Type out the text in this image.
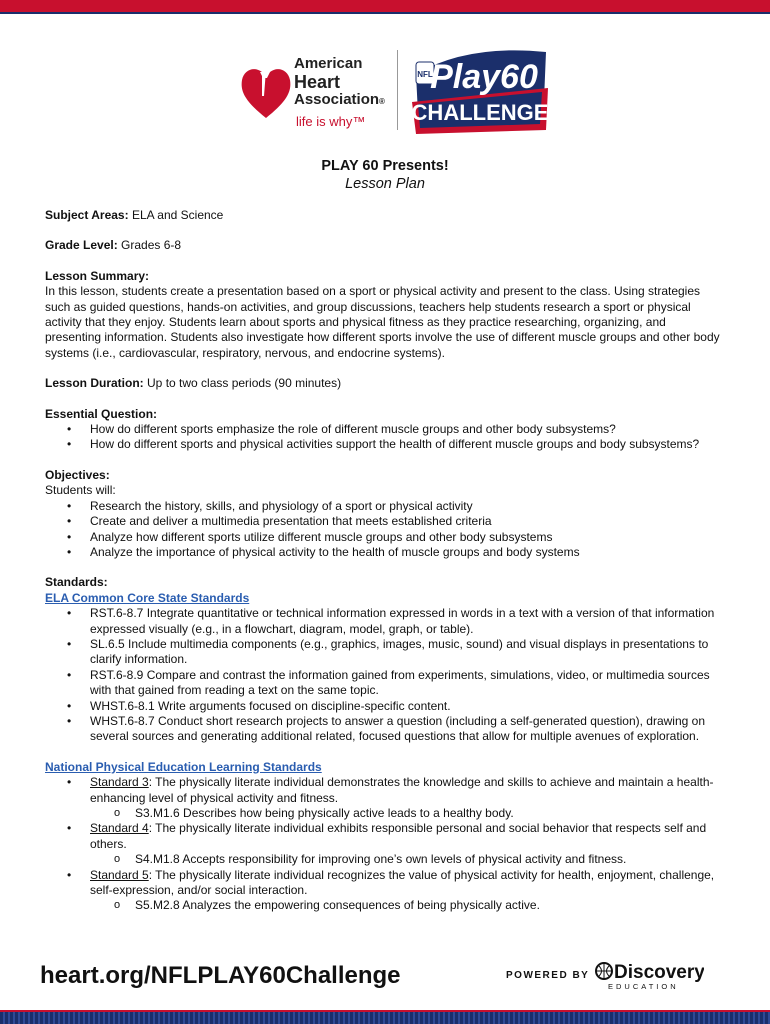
American
Heart
Association®
life is why™
NFL
Play60
CHALLENGE
PLAY 60 Presents!
Lesson Plan

Subject Areas: ELA and Science

Grade Level: Grades 6-8

Lesson Summary:

In this lesson, students create a presentation based on a sport or physical activity and present to the class. Using strategies such as guided questions, hands-on activities, and group discussions, teachers help students research a sport or physical activity that they enjoy. Students learn about sports and physical fitness as they practice researching, organizing, and presenting information. Students also investigate how different sports involve the use of different muscle groups and other body systems (i.e., cardiovascular, respiratory, nervous, and endocrine systems).

Lesson Duration: Up to two class periods (90 minutes)

Essential Question:

• How do different sports emphasize the role of different muscle groups and other body subsystems?
• How do different sports and physical activities support the health of different muscle groups and body subsystems?

Objectives:

Students will:

• Research the history, skills, and physiology of a sport or physical activity
• Create and deliver a multimedia presentation that meets established criteria
• Analyze how different sports utilize different muscle groups and other body subsystems
• Analyze the importance of physical activity to the health of muscle groups and body systems

Standards:

ELA Common Core State Standards

• RST.6-8.7 Integrate quantitative or technical information expressed in words in a text with a version of that information expressed visually (e.g., in a flowchart, diagram, model, graph, or table).
• SL.6.5 Include multimedia components (e.g., graphics, images, music, sound) and visual displays in presentations to clarify information.
• RST.6-8.9 Compare and contrast the information gained from experiments, simulations, video, or multimedia sources with that gained from reading a text on the same topic.
• WHST.6-8.1 Write arguments focused on discipline-specific content.
• WHST.6-8.7 Conduct short research projects to answer a question (including a self-generated question), drawing on several sources and generating additional related, focused questions that allow for multiple avenues of exploration.

National Physical Education Learning Standards

• Standard 3: The physically literate individual demonstrates the knowledge and skills to achieve and maintain a health-enhancing level of physical activity and fitness.
o S3.M1.6 Describes how being physically active leads to a healthy body.
• Standard 4: The physically literate individual exhibits responsible personal and social behavior that respects self and others.
o S4.M1.8 Accepts responsibility for improving one’s own levels of physical activity and fitness.
• Standard 5: The physically literate individual recognizes the value of physical activity for health, enjoyment, challenge, self-expression, and/or social interaction.
o S5.M2.8 Analyzes the empowering consequences of being physically active.
heart.org/NFLPLAY60Challenge	POWERED BY Discovery
EDUCATION
